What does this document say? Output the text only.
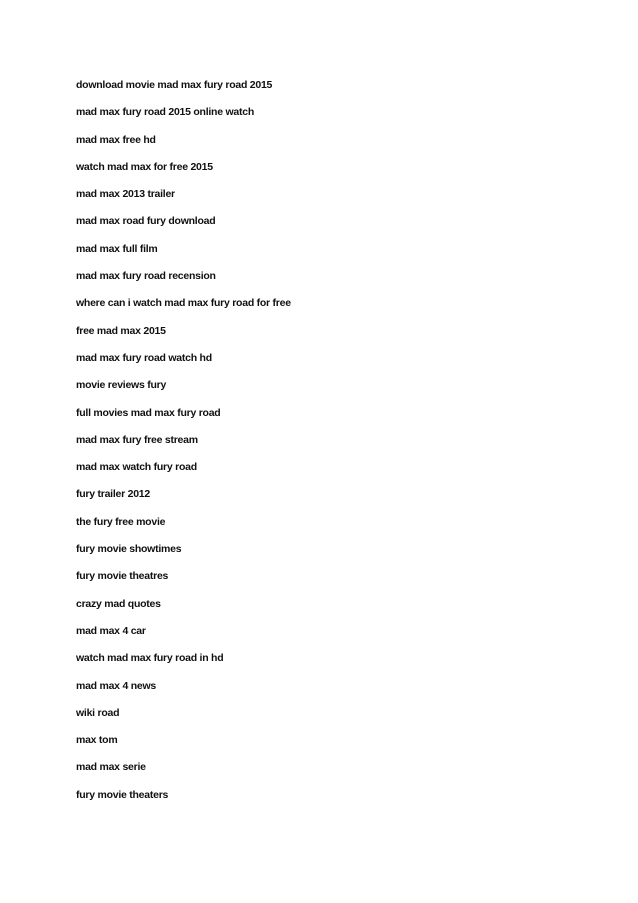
download movie mad max fury road 2015
mad max fury road 2015 online watch
mad max free hd
watch mad max for free 2015
mad max 2013 trailer
mad max road fury download
mad max full film
mad max fury road recension
where can i watch mad max fury road for free
free mad max 2015
mad max fury road watch hd
movie reviews fury
full movies mad max fury road
mad max fury free stream
mad max watch fury road
fury trailer 2012
the fury free movie
fury movie showtimes
fury movie theatres
crazy mad quotes
mad max 4 car
watch mad max fury road in hd
mad max 4 news
wiki road
max tom
mad max serie
fury movie theaters
